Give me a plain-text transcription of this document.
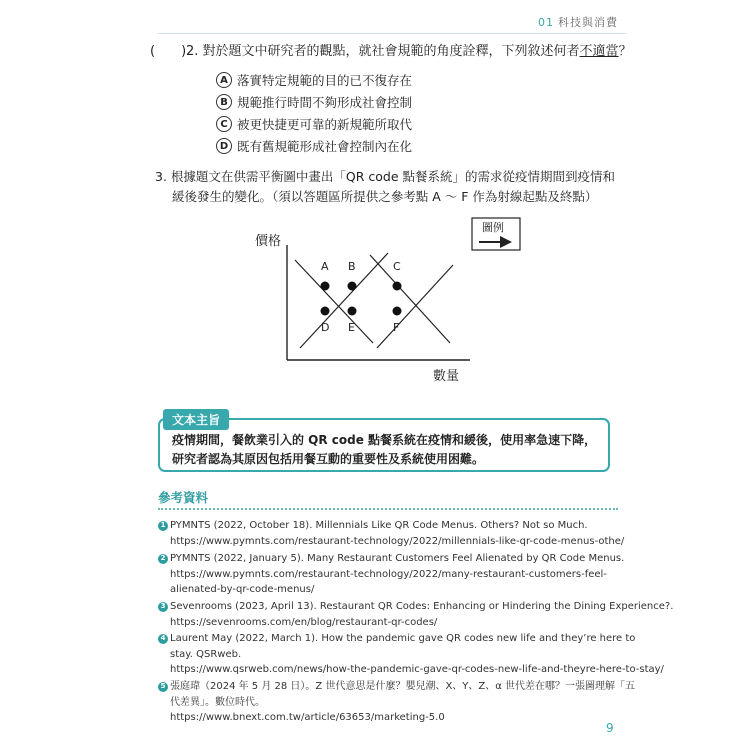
01 科技與消費
(　　)2. 對於題文中研究者的觀點，就社會規範的角度詮釋，下列敘述何者不適當？
A 落實特定規範的目的已不復存在
B 規範推行時間不夠形成社會控制
C 被更快捷更可靠的新規範所取代
D 既有舊規範形成社會控制內在化
3. 根據題文在供需平衡圖中畫出「QR code 點餐系統」的需求從疫情期間到疫情和
緩後發生的變化。（須以答題區所提供之參考點 A ～ F 作為射線起點及終點）
價格
數量
A B	C
D E	F
圖例
文本主旨
疫情期間，餐飲業引入的 QR code 點餐系統在疫情和緩後，使用率急速下降，研究者認為其原因包括用餐互動的重要性及系統使用困難。
參考資料
1 PYMNTS (2022, October 18). Millennials Like QR Code Menus. Others? Not so Much.
https://www.pymnts.com/restaurant-technology/2022/millennials-like-qr-code-menus-othe/
2 PYMNTS (2022, January 5). Many Restaurant Customers Feel Alienated by QR Code Menus.
https://www.pymnts.com/restaurant-technology/2022/many-restaurant-customers-feel-
alienated-by-qr-code-menus/
3 Sevenrooms (2023, April 13). Restaurant QR Codes: Enhancing or Hindering the Dining Experience?.
https://sevenrooms.com/en/blog/restaurant-qr-codes/
4 Laurent May (2022, March 1). How the pandemic gave QR codes new life and they’re here to
stay. QSRweb.
https://www.qsrweb.com/news/how-the-pandemic-gave-qr-codes-new-life-and-theyre-here-to-stay/
5 張庭瑋（2024 年 5 月 28 日）。Z 世代意思是什麼？嬰兒潮、X、Y、Z、α 世代差在哪？一張圖理解「五
代差異」。數位時代。
https://www.bnext.com.tw/article/63653/marketing-5.0
9
